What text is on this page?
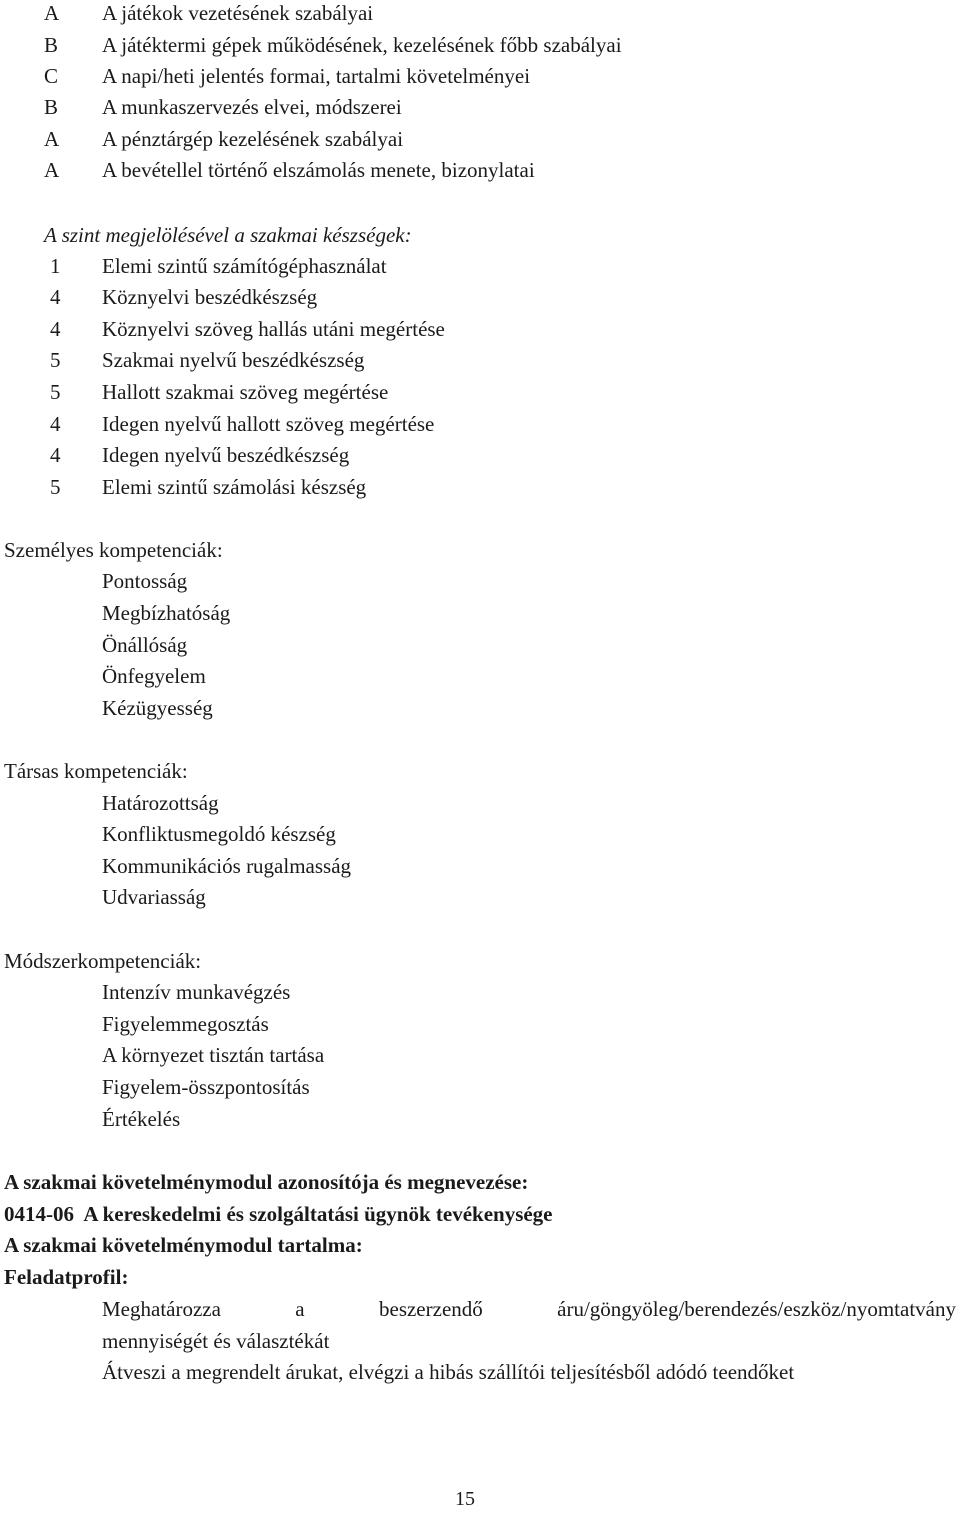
A	A játékok vezetésének szabályai
B	A játéktermi gépek működésének, kezelésének főbb szabályai
C	A napi/heti jelentés formai, tartalmi követelményei
B	A munkaszervezés elvei, módszerei
A	A pénztárgép kezelésének szabályai
A	A bevétellel történő elszámolás menete, bizonylatai
A szint megjelölésével a szakmai készségek:
1	Elemi szintű számítógéphasználat
4	Köznyelvi beszédkészség
4	Köznyelvi szöveg hallás utáni megértése
5	Szakmai nyelvű beszédkészség
5	Hallott szakmai szöveg megértése
4	Idegen nyelvű hallott szöveg megértése
4	Idegen nyelvű beszédkészség
5	Elemi szintű számolási készség
Személyes kompetenciák:
Pontosság
Megbízhatóság
Önállóság
Önfegyelem
Kézügyesség
Társas kompetenciák:
Határozottság
Konfliktusmegoldó készség
Kommunikációs rugalmasság
Udvariasság
Módszerkompetenciák:
Intenzív munkavégzés
Figyelemmegosztás
A környezet tisztán tartása
Figyelem-összpontosítás
Értékelés
A szakmai követelménymodul azonosítója és megnevezése:
0414-06  A kereskedelmi és szolgáltatási ügynök tevékenysége
A szakmai követelménymodul tartalma:
Feladatprofil:
Meghatározza a beszerzendő áru/göngyöleg/berendezés/eszköz/nyomtatvány
mennyiségét és választékát
Átveszi a megrendelt árukat, elvégzi a hibás szállítói teljesítésből adódó teendőket
15
